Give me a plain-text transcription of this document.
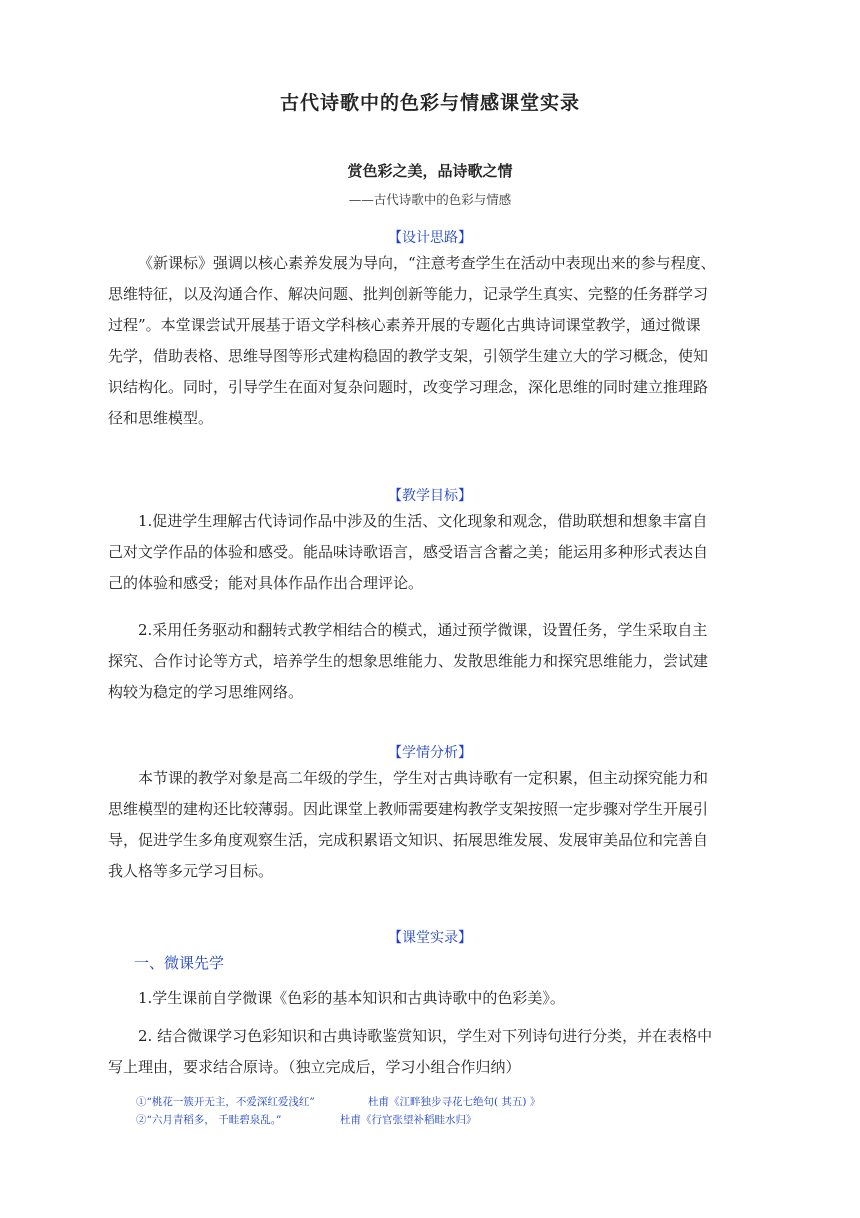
古代诗歌中的色彩与情感课堂实录
赏色彩之美，品诗歌之情
——古代诗歌中的色彩与情感
【设计思路】
《新课标》强调以核心素养发展为导向，“注意考查学生在活动中表现出来的参与程度、
思维特征，以及沟通合作、解决问题、批判创新等能力，记录学生真实、完整的任务群学习
过程”。本堂课尝试开展基于语文学科核心素养开展的专题化古典诗词课堂教学，通过微课
先学，借助表格、思维导图等形式建构稳固的教学支架，引领学生建立大的学习概念，使知
识结构化。同时，引导学生在面对复杂问题时，改变学习理念，深化思维的同时建立推理路
径和思维模型。
【教学目标】
1.促进学生理解古代诗词作品中涉及的生活、文化现象和观念，借助联想和想象丰富自
己对文学作品的体验和感受。能品味诗歌语言，感受语言含蓄之美；能运用多种形式表达自
己的体验和感受；能对具体作品作出合理评论。
2.采用任务驱动和翻转式教学相结合的模式，通过预学微课，设置任务，学生采取自主
探究、合作讨论等方式，培养学生的想象思维能力、发散思维能力和探究思维能力，尝试建
构较为稳定的学习思维网络。
【学情分析】
本节课的教学对象是高二年级的学生，学生对古典诗歌有一定积累，但主动探究能力和
思维模型的建构还比较薄弱。因此课堂上教师需要建构教学支架按照一定步骤对学生开展引
导，促进学生多角度观察生活，完成积累语文知识、拓展思维发展、发展审美品位和完善自
我人格等多元学习目标。
【课堂实录】
一、微课先学
1.学生课前自学微课《色彩的基本知识和古典诗歌中的色彩美》。
2. 结合微课学习色彩知识和古典诗歌鉴赏知识，学生对下列诗句进行分类，并在表格中
写上理由，要求结合原诗。（独立完成后，学习小组合作归纳）
①“桃花一簇开无主，不爱深红爱浅红”	杜甫《江畔独步寻花七绝句( 其五) 》
②“六月青稻多， 千畦碧泉乱。”	杜甫《行官张望补稻畦水归》
